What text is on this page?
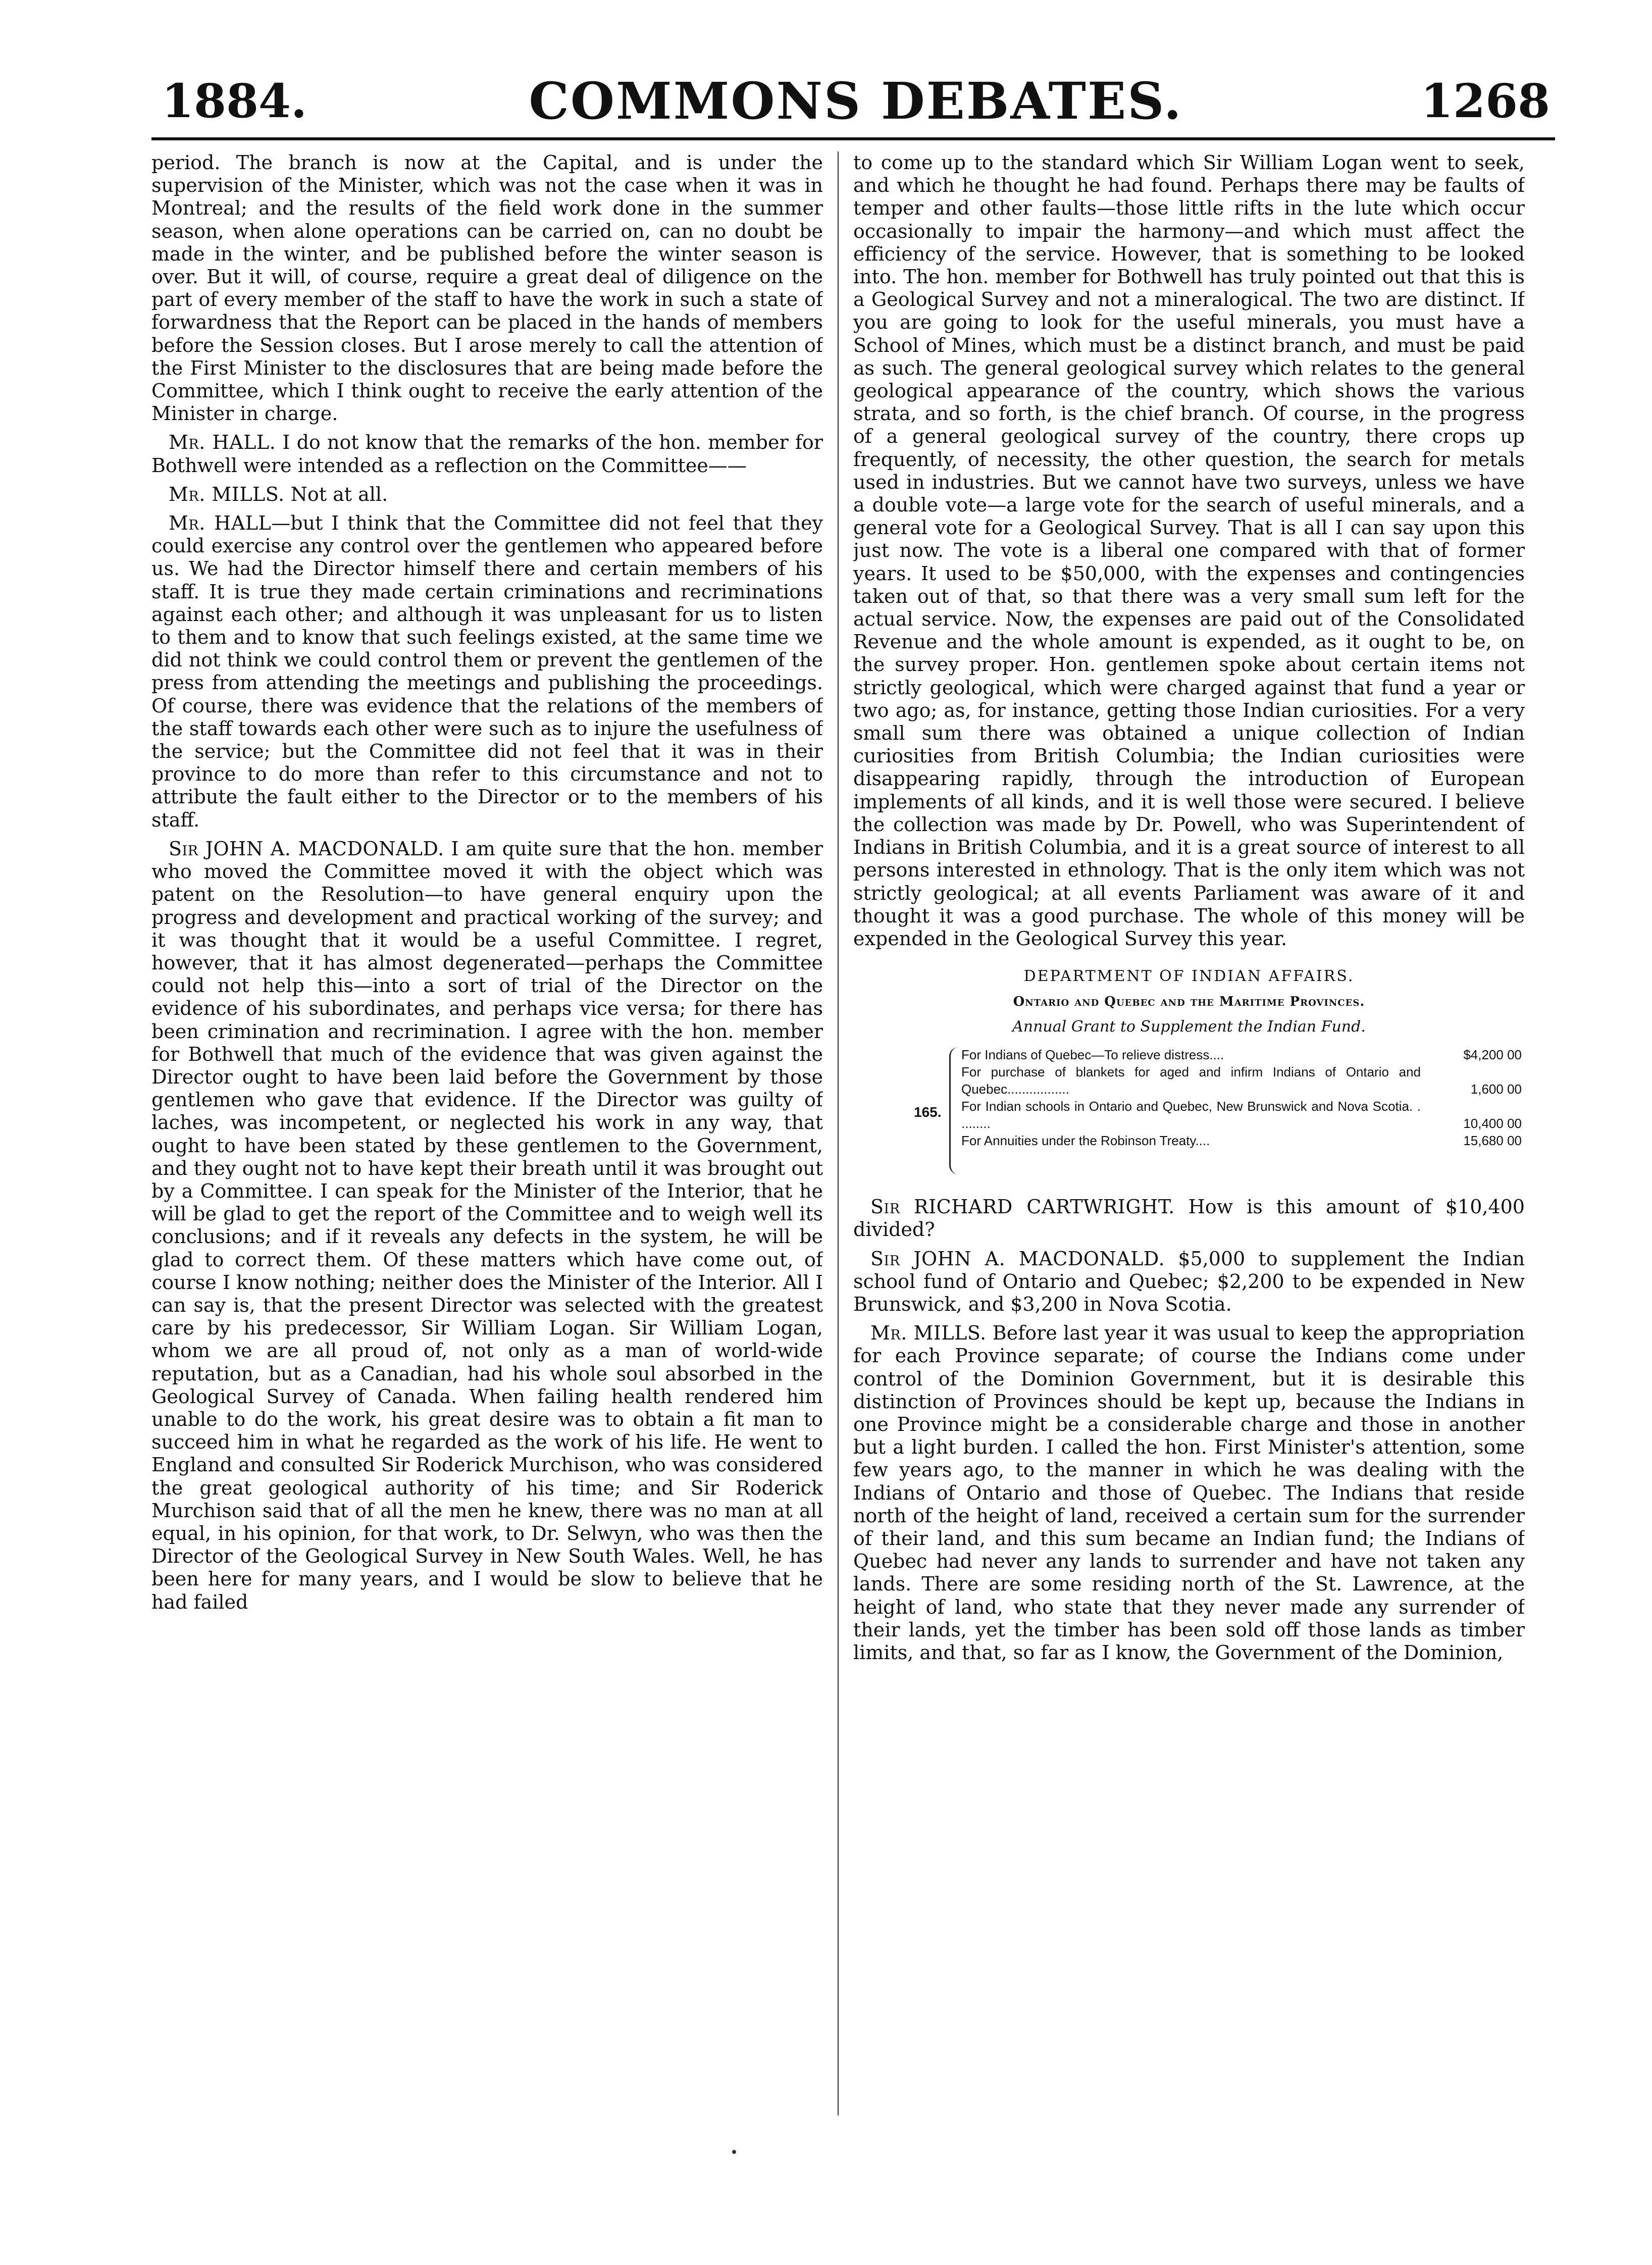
COMMONS DEBATES.
1884.	1268

period. The branch is now at the Capital, and is under the supervision of the Minister, which was not the case when it was in Montreal; and the results of the field work done in the summer season, when alone operations can be carried on, can no doubt be made in the winter, and be published before the winter season is over. But it will, of course, require a great deal of diligence on the part of every member of the staff to have the work in such a state of forwardness that the Report can be placed in the hands of members before the Session closes. But I arose merely to call the attention of the First Minister to the disclosures that are being made before the Committee, which I think ought to receive the early attention of the Minister in charge.

Mr. HALL. I do not know that the remarks of the hon. member for Bothwell were intended as a reflection on the Committee——

Mr. MILLS. Not at all.

Mr. HALL—but I think that the Committee did not feel that they could exercise any control over the gentlemen who appeared before us. We had the Director himself there and certain members of his staff. It is true they made certain criminations and recriminations against each other; and although it was unpleasant for us to listen to them and to know that such feelings existed, at the same time we did not think we could control them or prevent the gentlemen of the press from attending the meetings and publishing the proceedings. Of course, there was evidence that the relations of the members of the staff towards each other were such as to injure the usefulness of the service; but the Committee did not feel that it was in their province to do more than refer to this circumstance and not to attribute the fault either to the Director or to the members of his staff.

Sir JOHN A. MACDONALD. I am quite sure that the hon. member who moved the Committee moved it with the object which was patent on the Resolution—to have general enquiry upon the progress and development and practical working of the survey; and it was thought that it would be a useful Committee. I regret, however, that it has almost degenerated—perhaps the Committee could not help this—into a sort of trial of the Director on the evidence of his subordinates, and perhaps vice versa; for there has been crimination and recrimination. I agree with the hon. member for Bothwell that much of the evidence that was given against the Director ought to have been laid before the Government by those gentlemen who gave that evidence. If the Director was guilty of laches, was incompetent, or neglected his work in any way, that ought to have been stated by these gentlemen to the Government, and they ought not to have kept their breath until it was brought out by a Committee. I can speak for the Minister of the Interior, that he will be glad to get the report of the Committee and to weigh well its conclusions; and if it reveals any defects in the system, he will be glad to correct them. Of these matters which have come out, of course I know nothing; neither does the Minister of the Interior. All I can say is, that the present Director was selected with the greatest care by his predecessor, Sir William Logan. Sir William Logan, whom we are all proud of, not only as a man of world-wide reputation, but as a Canadian, had his whole soul absorbed in the Geological Survey of Canada. When failing health rendered him unable to do the work, his great desire was to obtain a fit man to succeed him in what he regarded as the work of his life. He went to England and consulted Sir Roderick Murchison, who was considered the great geological authority of his time; and Sir Roderick Murchison said that of all the men he knew, there was no man at all equal, in his opinion, for that work, to Dr. Selwyn, who was then the Director of the Geological Survey in New South Wales. Well, he has been here for many years, and I would be slow to believe that he had failed

to come up to the standard which Sir William Logan went to seek, and which he thought he had found. Perhaps there may be faults of temper and other faults—those little rifts in the lute which occur occasionally to impair the harmony—and which must affect the efficiency of the service. However, that is something to be looked into. The hon. member for Bothwell has truly pointed out that this is a Geological Survey and not a mineralogical. The two are distinct. If you are going to look for the useful minerals, you must have a School of Mines, which must be a distinct branch, and must be paid as such. The general geological survey which relates to the general geological appearance of the country, which shows the various strata, and so forth, is the chief branch. Of course, in the progress of a general geological survey of the country, there crops up frequently, of necessity, the other question, the search for metals used in industries. But we cannot have two surveys, unless we have a double vote—a large vote for the search of useful minerals, and a general vote for a Geological Survey. That is all I can say upon this just now. The vote is a liberal one compared with that of former years. It used to be $50,000, with the expenses and contingencies taken out of that, so that there was a very small sum left for the actual service. Now, the expenses are paid out of the Consolidated Revenue and the whole amount is expended, as it ought to be, on the survey proper. Hon. gentlemen spoke about certain items not strictly geological, which were charged against that fund a year or two ago; as, for instance, getting those Indian curiosities. For a very small sum there was obtained a unique collection of Indian curiosities from British Columbia; the Indian curiosities were disappearing rapidly, through the introduction of European implements of all kinds, and it is well those were secured. I believe the collection was made by Dr. Powell, who was Superintendent of Indians in British Columbia, and it is a great source of interest to all persons interested in ethnology. That is the only item which was not strictly geological; at all events Parliament was aware of it and thought it was a good purchase. The whole of this money will be expended in the Geological Survey this year.

DEPARTMENT OF INDIAN AFFAIRS.
Ontario and Quebec and the Maritime Provinces.
Annual Grant to Supplement the Indian Fund.
165.
For Indians of Quebec—To relieve distress....	$4,200 00
For purchase of blankets for aged and infirm Indians of Ontario and Quebec.................	1,600 00
For Indian schools in Ontario and Quebec, New Brunswick and Nova Scotia. . ........	10,400 00
For Annuities under the Robinson Treaty....	15,680 00

Sir RICHARD CARTWRIGHT. How is this amount of $10,400 divided?

Sir JOHN A. MACDONALD. $5,000 to supplement the Indian school fund of Ontario and Quebec; $2,200 to be expended in New Brunswick, and $3,200 in Nova Scotia.

Mr. MILLS. Before last year it was usual to keep the appropriation for each Province separate; of course the Indians come under control of the Dominion Government, but it is desirable this distinction of Provinces should be kept up, because the Indians in one Province might be a considerable charge and those in another but a light burden. I called the hon. First Minister's attention, some few years ago, to the manner in which he was dealing with the Indians of Ontario and those of Quebec. The Indians that reside north of the height of land, received a certain sum for the surrender of their land, and this sum became an Indian fund; the Indians of Quebec had never any lands to surrender and have not taken any lands. There are some residing north of the St. Lawrence, at the height of land, who state that they never made any surrender of their lands, yet the timber has been sold off those lands as timber limits, and that, so far as I know, the Government of the Dominion,
